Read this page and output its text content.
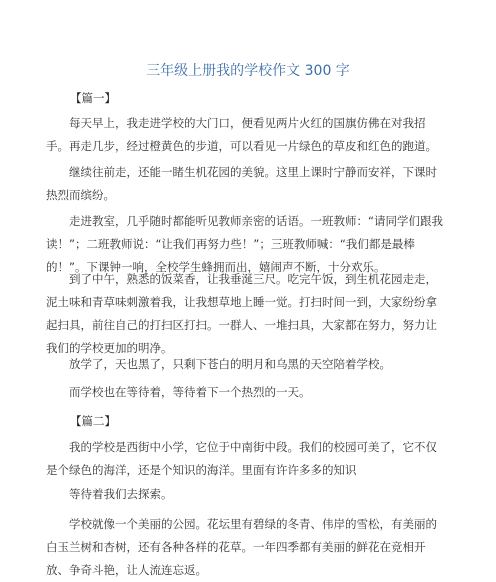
三年级上册我的学校作文 300 字
【篇一】

每天早上，我走进学校的大门口，便看见两片火红的国旗仿佛在对我招
手。再走几步，经过橙黄色的步道，可以看见一片绿色的草皮和红色的跑道。

继续往前走，还能一睹生机花园的美貌。这里上课时宁静而安祥，下课时
热烈而缤纷。

走进教室，几乎随时都能听见教师亲密的话语。一班教师：“请同学们跟我
读！”；二班教师说：“让我们再努力些！”；三班教师喊：“我们都是最棒
的！”。下课钟一响，全校学生蜂拥而出，嬉闹声不断，十分欢乐。

到了中午，熟悉的饭菜香，让我垂涎三尺。吃完午饭，到生机花园走走，
泥土味和青草味刺激着我，让我想草地上睡一觉。打扫时间一到，大家纷纷拿
起扫具，前往自己的打扫区打扫。一群人、一堆扫具，大家都在努力，努力让
我们的学校更加的明净。

放学了，天也黑了，只剩下苍白的明月和乌黑的天空陪着学校。

而学校也在等待着，等待着下一个热烈的一天。

【篇二】

我的学校是西街中小学，它位于中南街中段。我们的校园可美了，它不仅
是个绿色的海洋，还是个知识的海洋。里面有许许多多的知识

等待着我们去探索。

学校就像一个美丽的公园。花坛里有碧绿的冬青、伟岸的雪松，有美丽的
白玉兰树和杏树，还有各种各样的花草。一年四季都有美丽的鲜花在竞相开
放、争奇斗艳，让人流连忘返。
